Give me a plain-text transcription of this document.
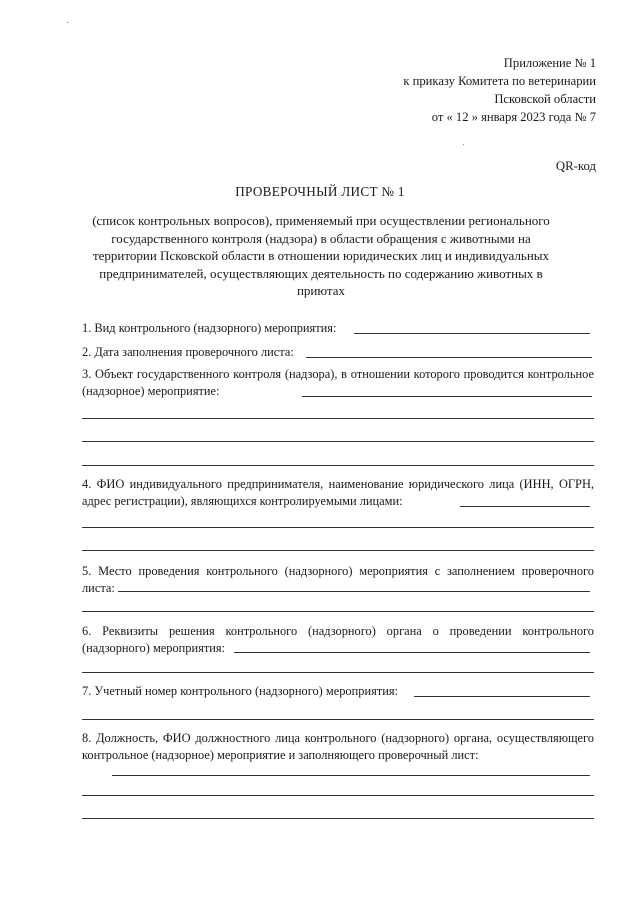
·
·
Приложение № 1
к приказу Комитета по ветеринарии
Псковской области
от « 12 » января 2023 года № 7
QR-код
ПРОВЕРОЧНЫЙ ЛИСТ № 1
(список контрольных вопросов), применяемый при осуществлении регионального государственного контроля (надзора) в области обращения с животными на территории Псковской области в отношении юридических лиц и индивидуальных предпринимателей, осуществляющих деятельность по содержанию животных в приютах
1. Вид контрольного (надзорного) мероприятия:
2. Дата заполнения проверочного листа:
3. Объект государственного контроля (надзора), в отношении которого проводится контрольное (надзорное) мероприятие:
4. ФИО индивидуального предпринимателя, наименование юридического лица (ИНН, ОГРН, адрес регистрации), являющихся контролируемыми лицами:
5. Место проведения контрольного (надзорного) мероприятия с заполнением проверочного листа:
6. Реквизиты решения контрольного (надзорного) органа о проведении контрольного (надзорного) мероприятия:
7. Учетный номер контрольного (надзорного) мероприятия:
8. Должность, ФИО должностного лица контрольного (надзорного) органа, осуществляющего контрольное (надзорное) мероприятие и заполняющего проверочный лист:
